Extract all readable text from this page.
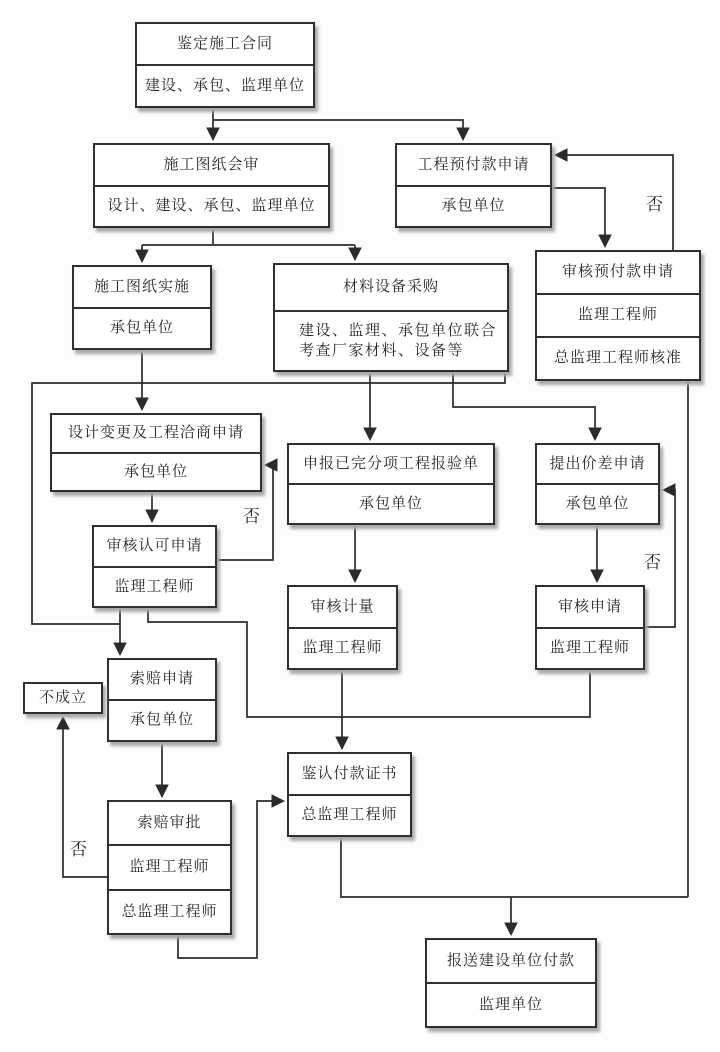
鉴定施工合同
建设、承包、监理单位
施工图纸会审
设计、建设、承包、监理单位
工程预付款申请
承包单位
施工图纸实施
承包单位
材料设备采购
建设、监理、承包单位联合考查厂家材料、设备等
审核预付款申请
监理工程师
总监理工程师核准
设计变更及工程洽商申请
承包单位	申报已完分项工程报验单
承包单位
提出价差申请
承包单位
审核认可申请
监理工程师
审核计量
监理工程师
审核申请
监理工程师
索赔申请
承包单位
不成立
鉴认付款证书
总监理工程师
索赔审批
监理工程师
总监理工程师
报送建设单位付款
监理单位
否
否
否
否
